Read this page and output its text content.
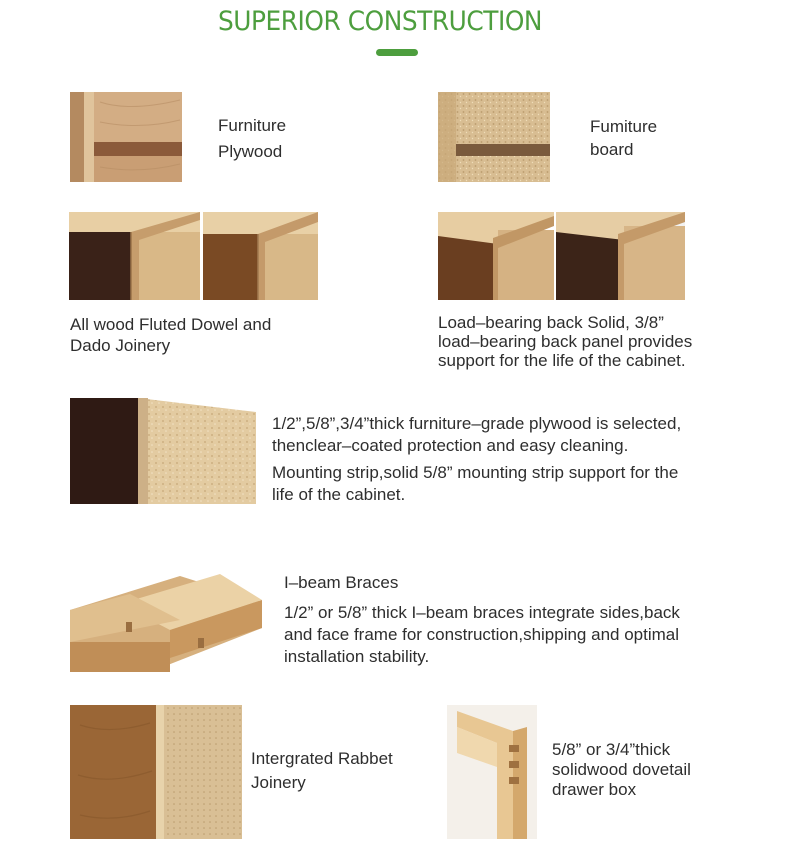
SUPERIOR CONSTRUCTION

Furniture

Plywood

Fumiture

board

All wood Fluted Dowel and

Dado Joinery

Load–bearing back Solid, 3/8”

load–bearing back panel provides

support for the life of the cabinet.

1/2”,5/8”,3/4”thick furniture–grade plywood is selected,

thenclear–coated protection and easy cleaning.

Mounting strip,solid 5/8” mounting strip support for the

life of the cabinet.

I–beam Braces

1/2” or 5/8” thick I–beam braces integrate sides,back

and face frame for construction,shipping and optimal

installation stability.

Intergrated Rabbet

Joinery

5/8” or 3/4”thick

solidwood dovetail

drawer box
